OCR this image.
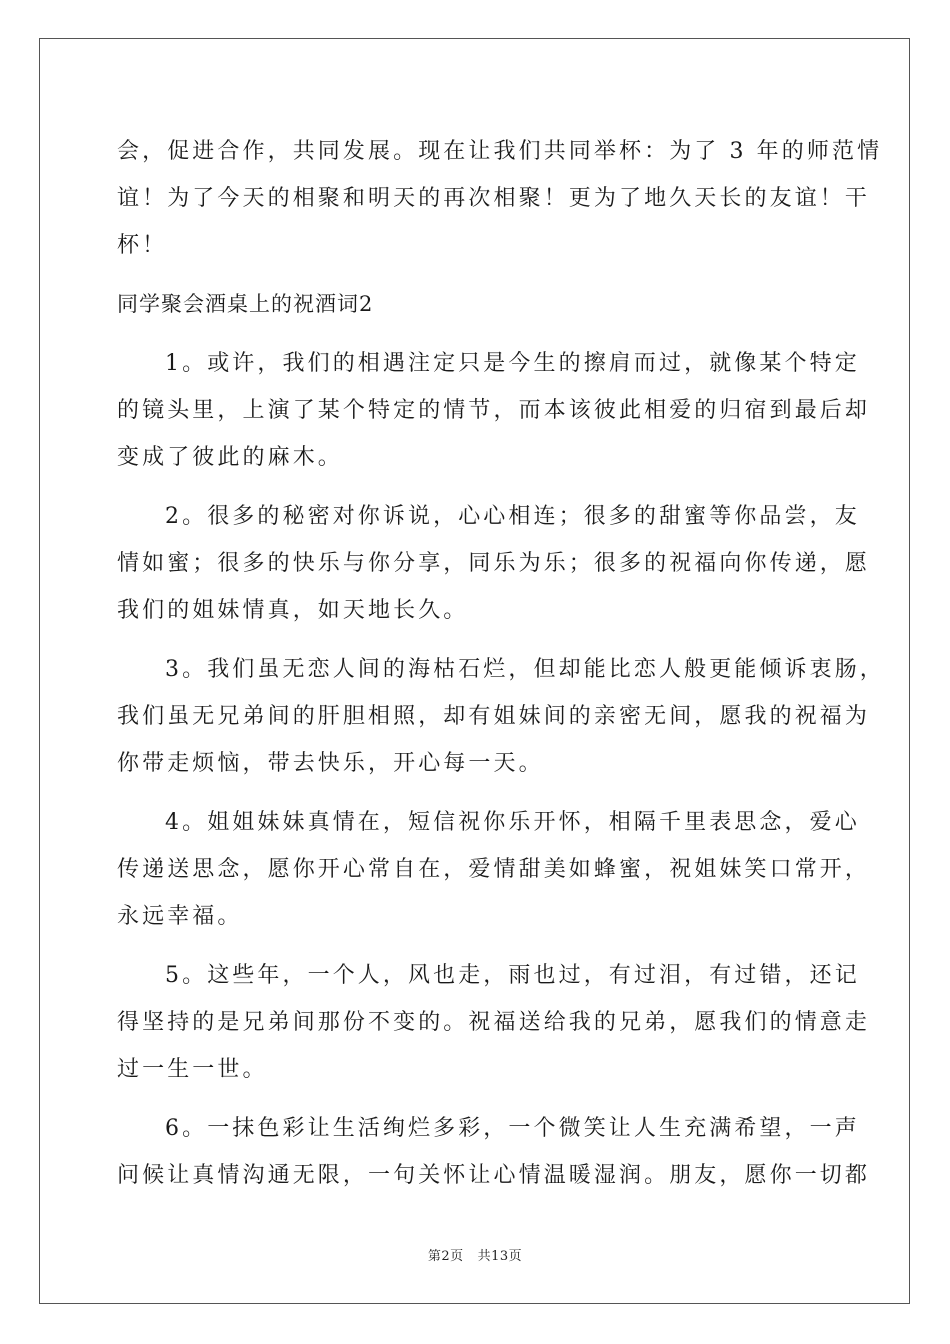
会，促进合作，共同发展。现在让我们共同举杯：为了 3 年的师范情
谊！为了今天的相聚和明天的再次相聚！更为了地久天长的友谊！干
杯！
同学聚会酒桌上的祝酒词2
1。或许，我们的相遇注定只是今生的擦肩而过，就像某个特定
的镜头里，上演了某个特定的情节，而本该彼此相爱的归宿到最后却
变成了彼此的麻木。
2。很多的秘密对你诉说，心心相连；很多的甜蜜等你品尝，友
情如蜜；很多的快乐与你分享，同乐为乐；很多的祝福向你传递，愿
我们的姐妹情真，如天地长久。
3。我们虽无恋人间的海枯石烂，但却能比恋人般更能倾诉衷肠，
我们虽无兄弟间的肝胆相照，却有姐妹间的亲密无间，愿我的祝福为
你带走烦恼，带去快乐，开心每一天。
4。姐姐妹妹真情在，短信祝你乐开怀，相隔千里表思念，爱心
传递送思念，愿你开心常自在，爱情甜美如蜂蜜，祝姐妹笑口常开，
永远幸福。
5。这些年，一个人，风也走，雨也过，有过泪，有过错，还记
得坚持的是兄弟间那份不变的。祝福送给我的兄弟，愿我们的情意走
过一生一世。
6。一抹色彩让生活绚烂多彩，一个微笑让人生充满希望，一声
问候让真情沟通无限，一句关怀让心情温暖湿润。朋友，愿你一切都
第2页 共13页
